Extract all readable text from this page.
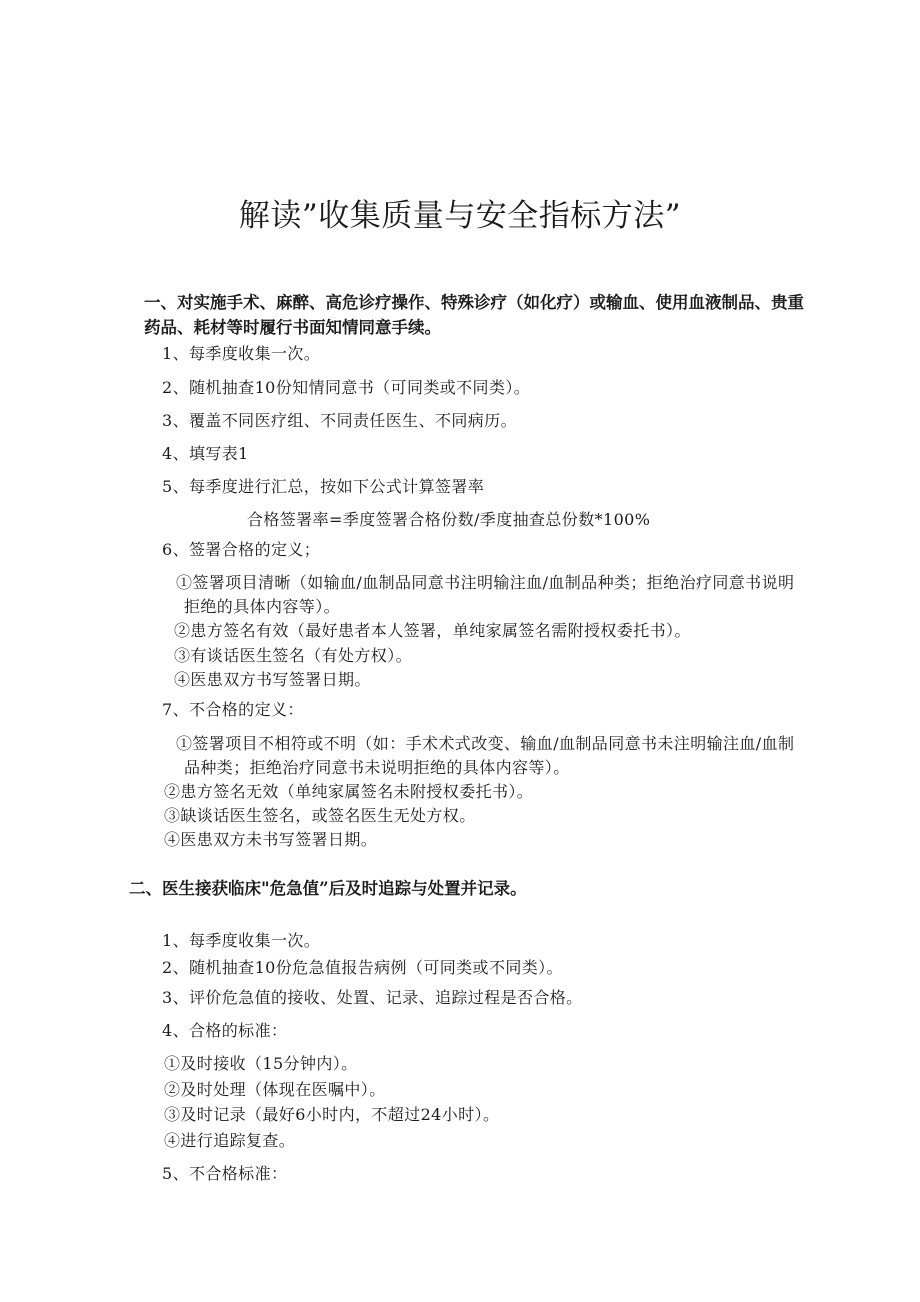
解读”收集质量与安全指标方法”
一、对实施手术、麻醉、高危诊疗操作、特殊诊疗（如化疗）或输血、使用血液制品、贵重
药品、耗材等时履行书面知情同意手续。
1、每季度收集一次。
2、随机抽查10份知情同意书（可同类或不同类）。
3、覆盖不同医疗组、不同责任医生、不同病历。
4、填写表1
5、每季度进行汇总，按如下公式计算签署率
合格签署率=季度签署合格份数/季度抽查总份数*100%
6、签署合格的定义；
①签署项目清晰（如输血/血制品同意书注明输注血/血制品种类；拒绝治疗同意书说明
拒绝的具体内容等）。
②患方签名有效（最好患者本人签署，单纯家属签名需附授权委托书）。
③有谈话医生签名（有处方权）。
④医患双方书写签署日期。
7、不合格的定义：
①签署项目不相符或不明（如：手术术式改变、输血/血制品同意书未注明输注血/血制
品种类；拒绝治疗同意书未说明拒绝的具体内容等）。
②患方签名无效（单纯家属签名未附授权委托书）。
③缺谈话医生签名，或签名医生无处方权。
④医患双方未书写签署日期。
二、医生接获临床"危急值”后及时追踪与处置并记录。
1、每季度收集一次。
2、随机抽查10份危急值报告病例（可同类或不同类）。
3、评价危急值的接收、处置、记录、追踪过程是否合格。
4、合格的标准：
①及时接收（15分钟内）。
②及时处理（体现在医嘱中）。
③及时记录（最好6小时内，不超过24小时）。
④进行追踪复查。
5、不合格标准：
